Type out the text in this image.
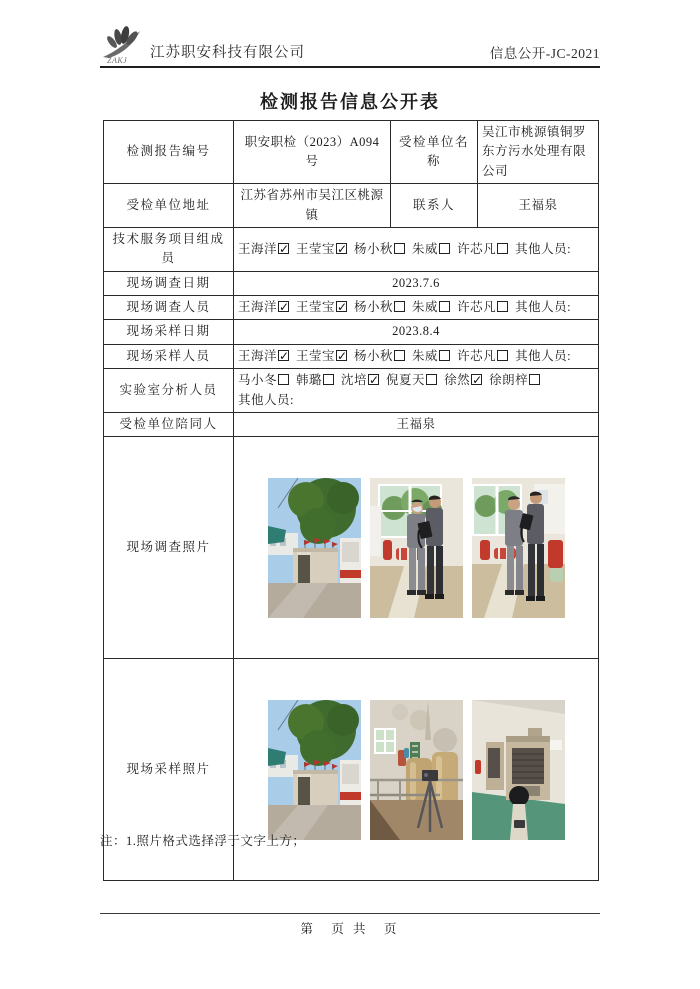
ZAKJ 江苏职安科技有限公司	信息公开-JC-2021
检测报告信息公开表
检测报告编号	职安职检（2023）A094 号	受检单位名称	吴江市桃源镇铜罗东方污水处理有限公司
受检单位地址	江苏省苏州市吴江区桃源镇	联系人	王福泉
技术服务项目组成员	王海洋 ✓ 王莹宝 ✓ 杨小秋 朱威 许芯凡 其他人员:
现场调查日期	2023.7.6		
现场调查人员	王海洋 ✓ 王莹宝 ✓ 杨小秋 朱威 许芯凡 其他人员:
现场采样日期	2023.8.4		
现场采样人员	王海洋 ✓ 王莹宝 ✓ 杨小秋 朱威 许芯凡 其他人员:
实验室分析人员	马小冬 韩璐 沈培 ✓ 倪夏天 徐然✓ 徐朗梓
其他人员:

受检单位陪同人	王福泉		
现场调查照片	

现场采样照片	
注：1.照片格式选择浮于文字上方；
第　页 共　页
